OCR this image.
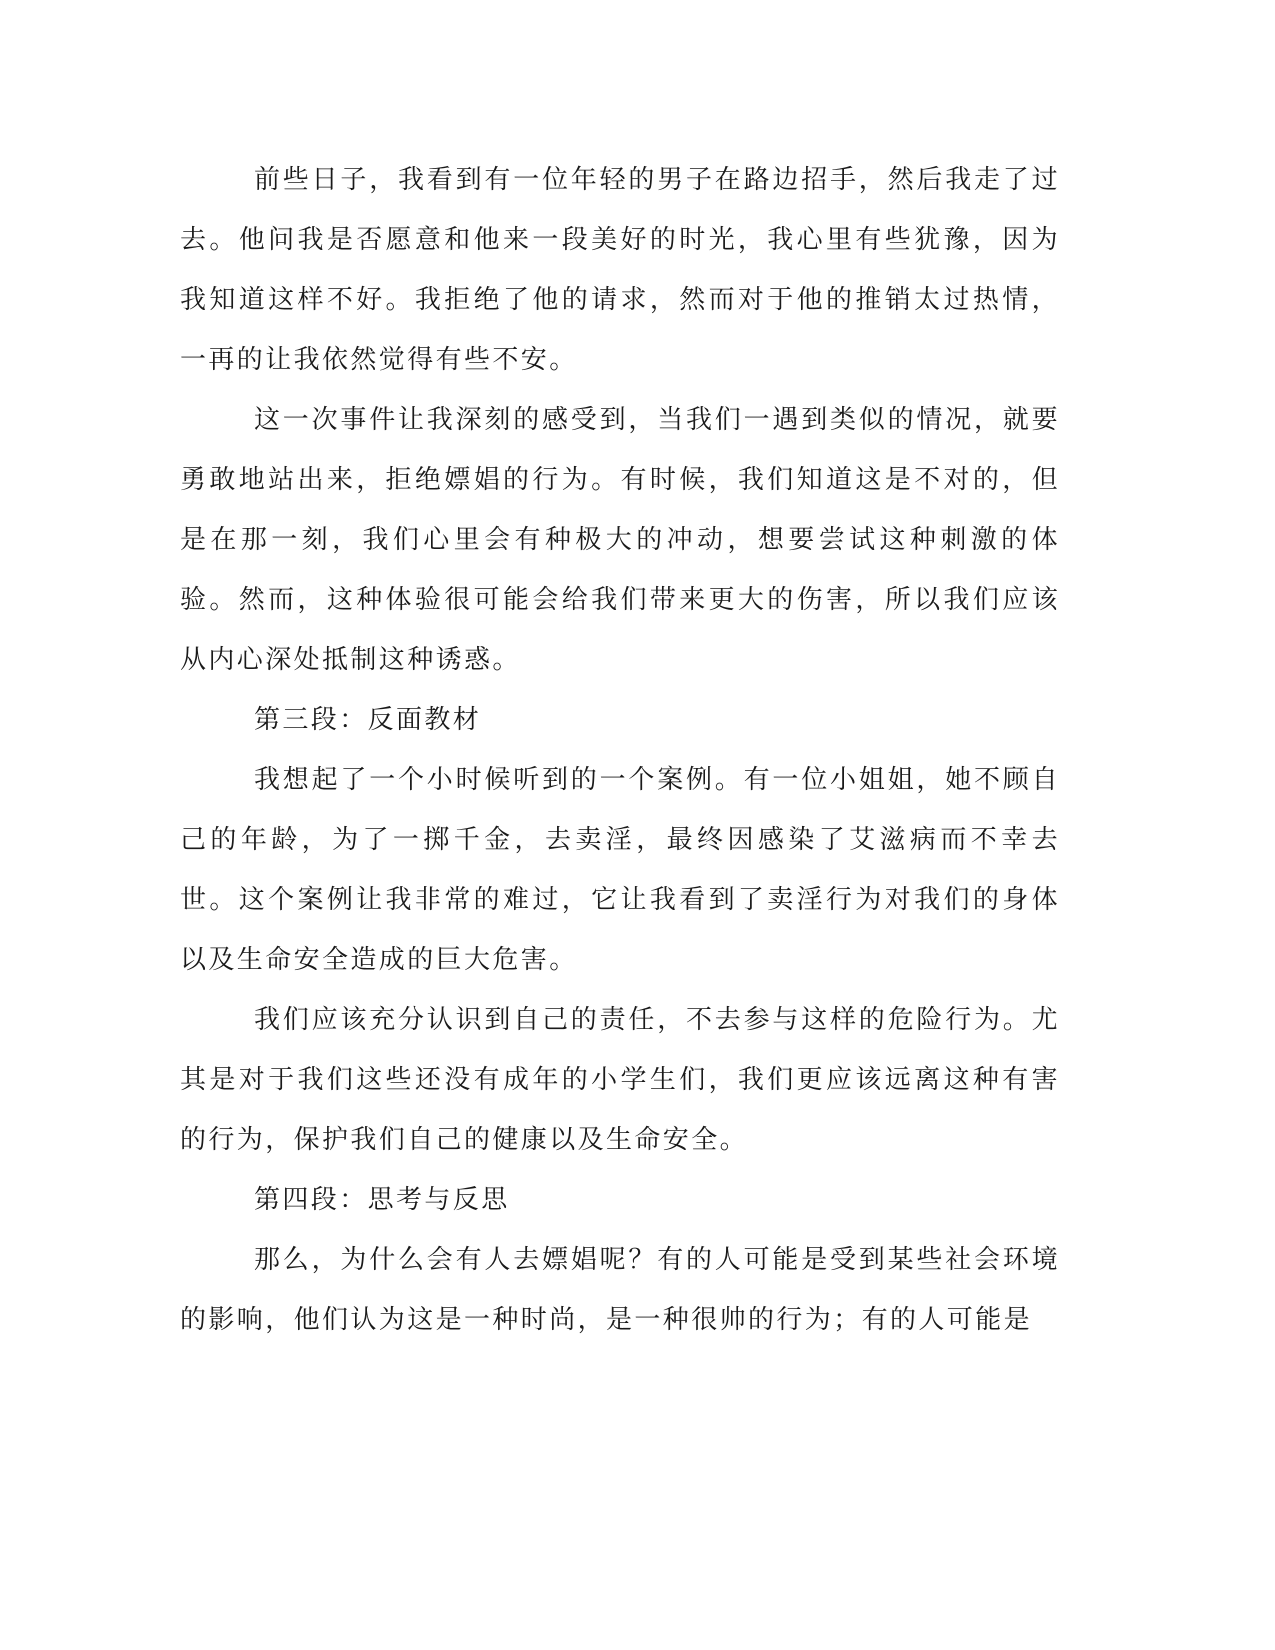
前些日子，我看到有一位年轻的男子在路边招手，然后我走了过去。他问我是否愿意和他来一段美好的时光，我心里有些犹豫，因为我知道这样不好。我拒绝了他的请求，然而对于他的推销太过热情，一再的让我依然觉得有些不安。

这一次事件让我深刻的感受到，当我们一遇到类似的情况，就要勇敢地站出来，拒绝嫖娼的行为。有时候，我们知道这是不对的，但是在那一刻，我们心里会有种极大的冲动，想要尝试这种刺激的体验。然而，这种体验很可能会给我们带来更大的伤害，所以我们应该从内心深处抵制这种诱惑。

第三段：反面教材

我想起了一个小时候听到的一个案例。有一位小姐姐，她不顾自己的年龄，为了一掷千金，去卖淫，最终因感染了艾滋病而不幸去世。这个案例让我非常的难过，它让我看到了卖淫行为对我们的身体以及生命安全造成的巨大危害。

我们应该充分认识到自己的责任，不去参与这样的危险行为。尤其是对于我们这些还没有成年的小学生们，我们更应该远离这种有害的行为，保护我们自己的健康以及生命安全。

第四段：思考与反思

那么，为什么会有人去嫖娼呢？有的人可能是受到某些社会环境的影响，他们认为这是一种时尚，是一种很帅的行为；有的人可能是
